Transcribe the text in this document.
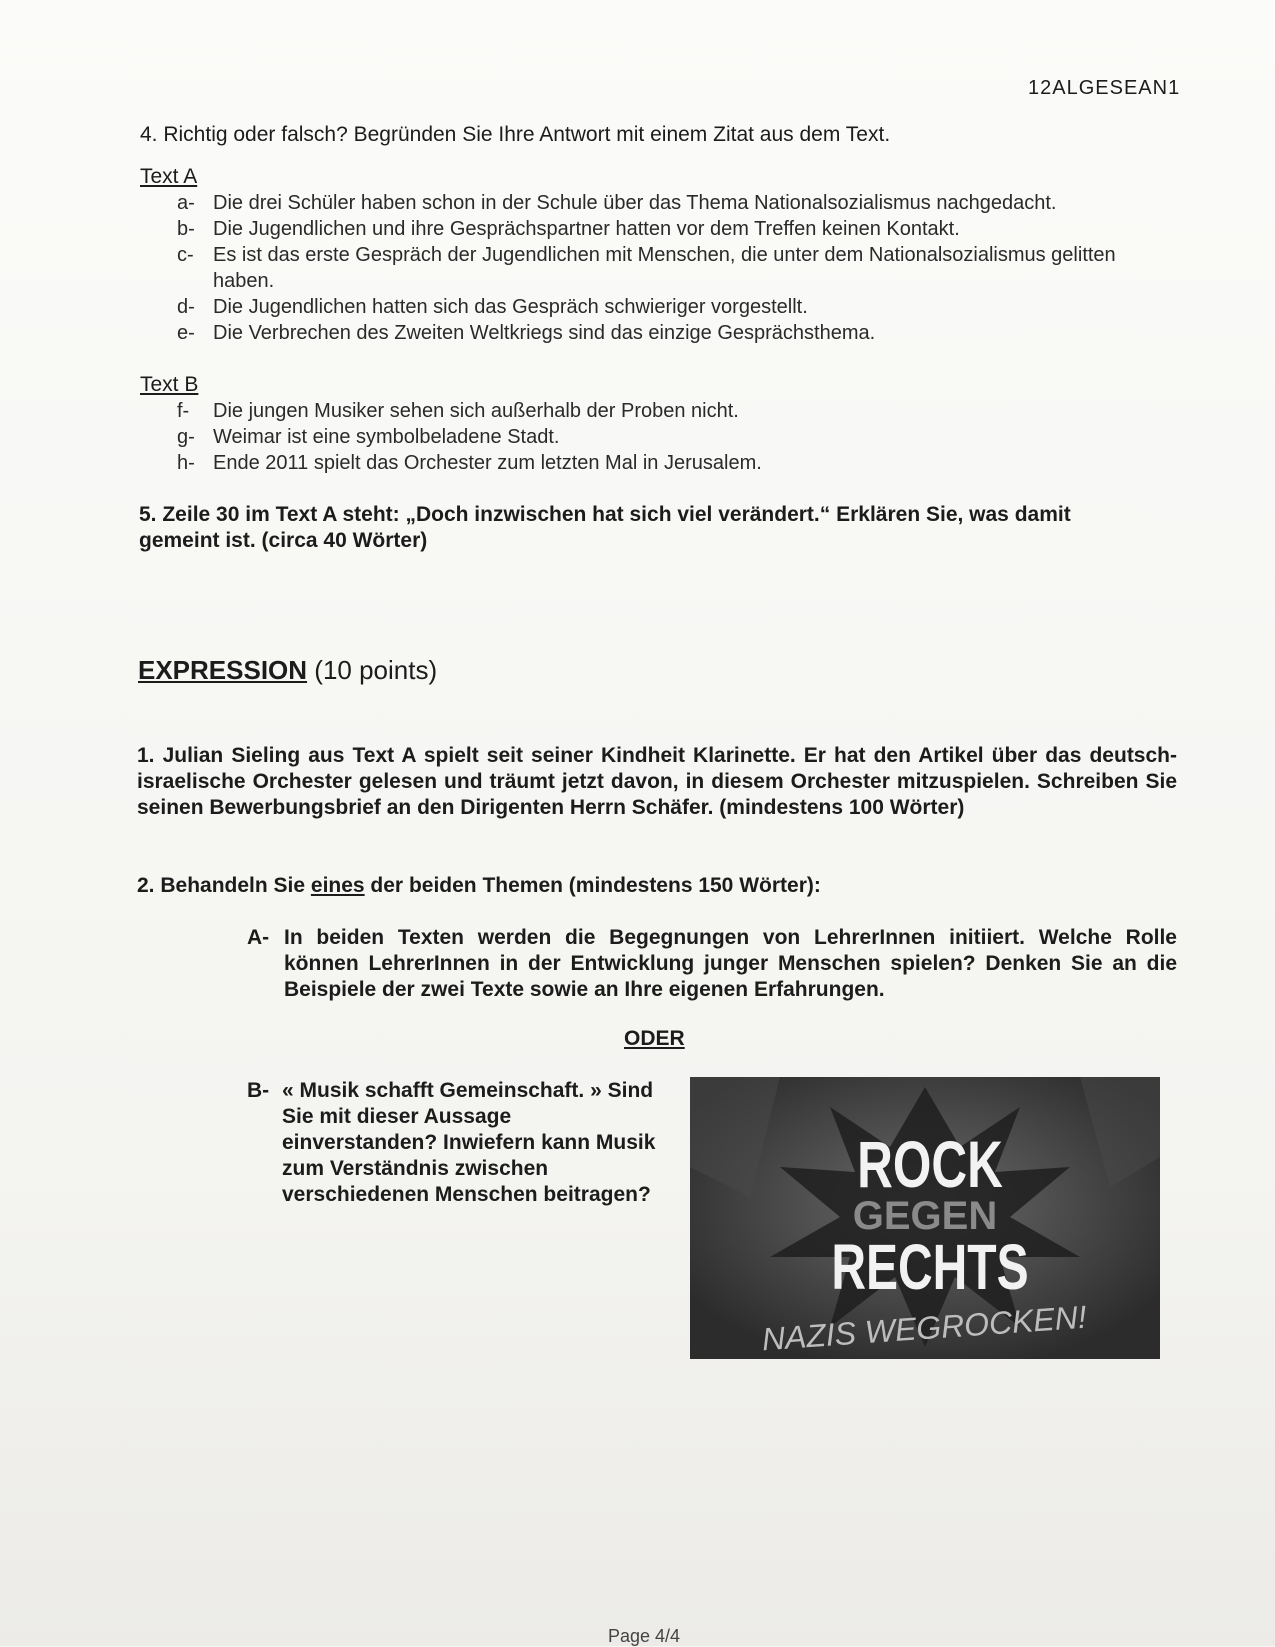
12ALGESEAN1
4. Richtig oder falsch? Begründen Sie Ihre Antwort mit einem Zitat aus dem Text.
Text A
a- Die drei Schüler haben schon in der Schule über das Thema Nationalsozialismus nachgedacht.
b- Die Jugendlichen und ihre Gesprächspartner hatten vor dem Treffen keinen Kontakt.
c- Es ist das erste Gespräch der Jugendlichen mit Menschen, die unter dem Nationalsozialismus gelitten haben.
d- Die Jugendlichen hatten sich das Gespräch schwieriger vorgestellt.
e- Die Verbrechen des Zweiten Weltkriegs sind das einzige Gesprächsthema.
Text B
f- Die jungen Musiker sehen sich außerhalb der Proben nicht.
g- Weimar ist eine symbolbeladene Stadt.
h- Ende 2011 spielt das Orchester zum letzten Mal in Jerusalem.
5. Zeile 30 im Text A steht: „Doch inzwischen hat sich viel verändert.“ Erklären Sie, was damit gemeint ist. (circa 40 Wörter)
EXPRESSION (10 points)
1. Julian Sieling aus Text A spielt seit seiner Kindheit Klarinette. Er hat den Artikel über das deutsch-israelische Orchester gelesen und träumt jetzt davon, in diesem Orchester mitzuspielen. Schreiben Sie seinen Bewerbungsbrief an den Dirigenten Herrn Schäfer. (mindestens 100 Wörter)
2. Behandeln Sie eines der beiden Themen (mindestens 150 Wörter):
A- In beiden Texten werden die Begegnungen von LehrerInnen initiiert. Welche Rolle können LehrerInnen in der Entwicklung junger Menschen spielen? Denken Sie an die Beispiele der zwei Texte sowie an Ihre eigenen Erfahrungen.
ODER
B- « Musik schafft Gemeinschaft. » Sind Sie mit dieser Aussage einverstanden? Inwiefern kann Musik zum Verständnis zwischen verschiedenen Menschen beitragen?	ROCK
GEGEN
RECHTS
NAZIS WEGROCKEN!
Page 4/4
